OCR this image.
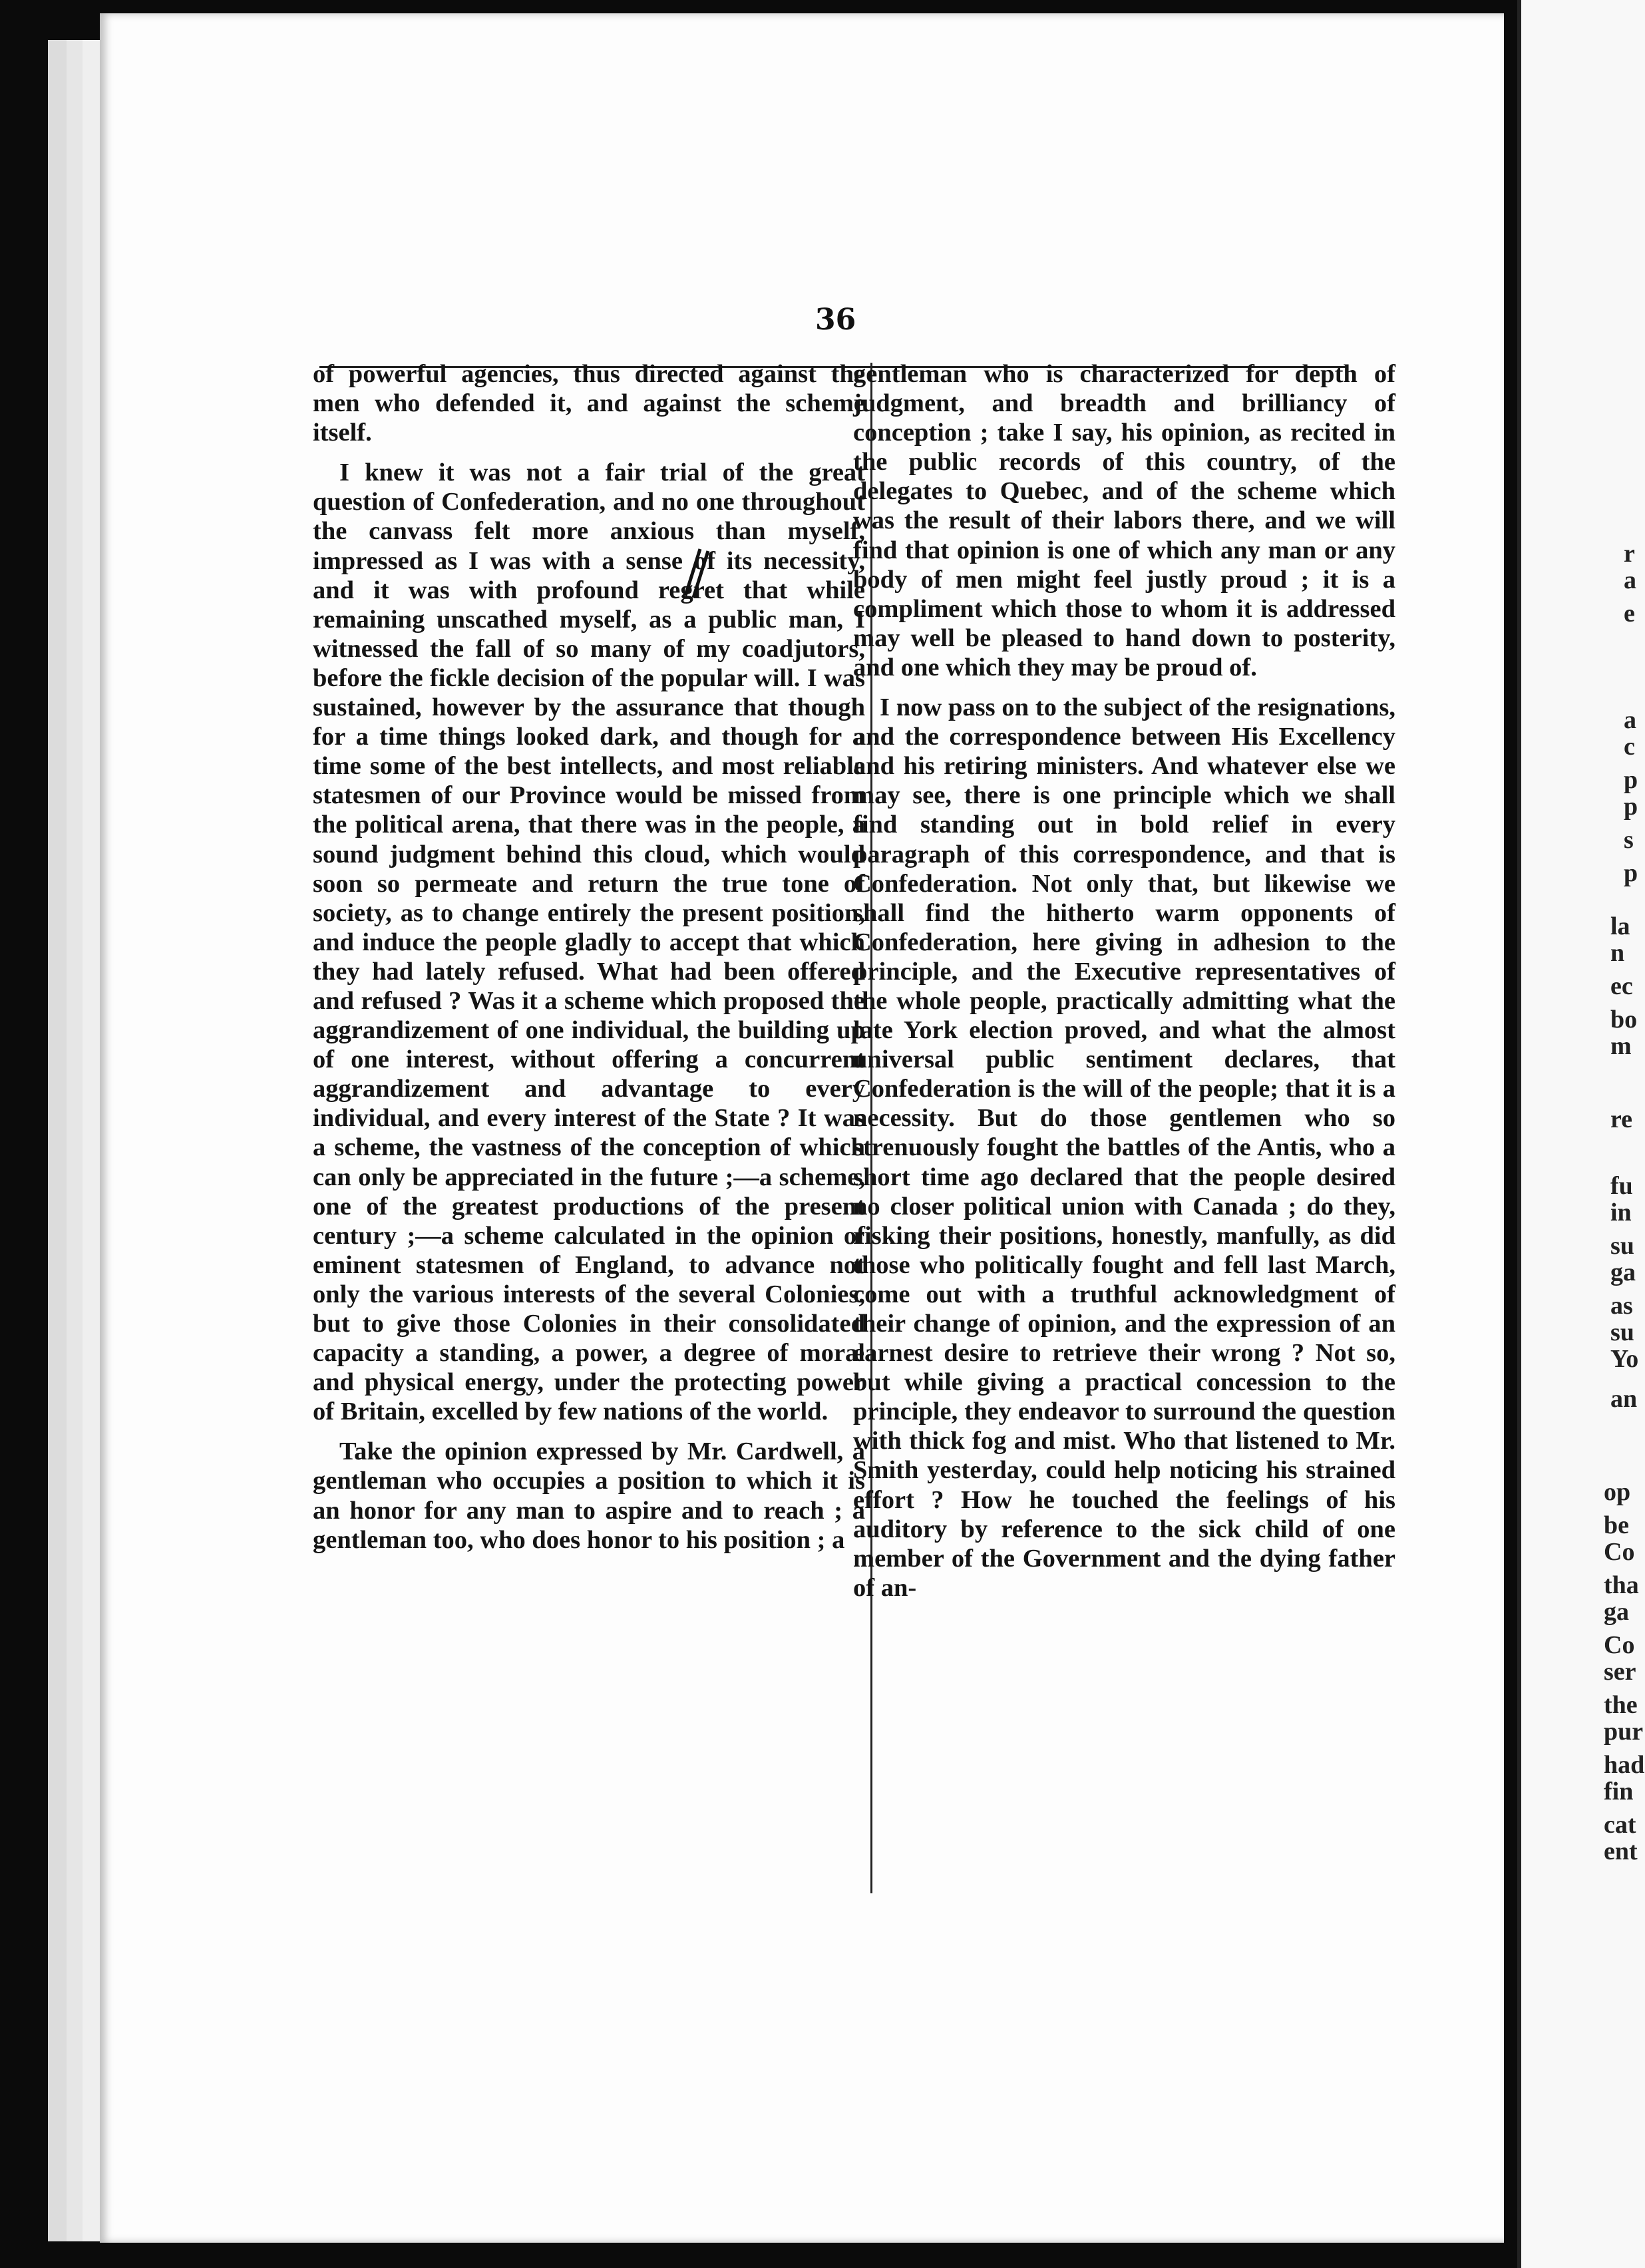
36

of powerful agencies, thus directed against the men who defended it, and against the scheme itself.

I knew it was not a fair trial of the great question of Confederation, and no one throughout the canvass felt more anxious than myself, impressed as I was with a sense of its necessity, and it was with profound regret that while remaining unscathed myself, as a public man, I witnessed the fall of so many of my coadjutors, before the fickle decision of the popular will. I was sustained, however by the assurance that though for a time things looked dark, and though for a time some of the best intellects, and most reliable statesmen of our Province would be missed from the political arena, that there was in the people, a sound judgment behind this cloud, which would soon so permeate and return the true tone of society, as to change entirely the present position, and induce the people gladly to accept that which they had lately refused. What had been offered and refused ? Was it a scheme which proposed the aggrandizement of one individual, the building up of one interest, without offering a concurrent aggrandizement and advantage to every individual, and every interest of the State ? It was a scheme, the vastness of the conception of which can only be appreciated in the future ;—a scheme, one of the greatest productions of the present century ;—a scheme calculated in the opinion of eminent statesmen of England, to advance not only the various interests of the several Colonies, but to give those Colonies in their consolidated capacity a standing, a power, a degree of moral and physical energy, under the protecting power of Britain, excelled by few nations of the world.

Take the opinion expressed by Mr. Cardwell, a gentleman who occupies a position to which it is an honor for any man to aspire and to reach ; a gentleman too, who does honor to his position ; a

gentleman who is characterized for depth of judgment, and breadth and brilliancy of conception ; take I say, his opinion, as recited in the public records of this country, of the delegates to Quebec, and of the scheme which was the result of their labors there, and we will find that opinion is one of which any man or any body of men might feel justly proud ; it is a compliment which those to whom it is addressed may well be pleased to hand down to posterity, and one which they may be proud of.

I now pass on to the subject of the resignations, and the correspondence between His Excellency and his retiring ministers. And whatever else we may see, there is one principle which we shall find standing out in bold relief in every paragraph of this correspondence, and that is Confederation. Not only that, but likewise we shall find the hitherto warm opponents of Confederation, here giving in adhesion to the principle, and the Executive representatives of the whole people, practically admitting what the late York election proved, and what the almost universal public sentiment declares, that Confederation is the will of the people; that it is a necessity. But do those gentlemen who so strenuously fought the battles of the Antis, who a short time ago declared that the people desired no closer political union with Canada ; do they, risking their positions, honestly, manfully, as did those who politically fought and fell last March, come out with a truthful acknowledgment of their change of opinion, and the expression of an earnest desire to retrieve their wrong ? Not so, but while giving a practical concession to the principle, they endeavor to surround the question with thick fog and mist. Who that listened to Mr. Smith yesterday, could help noticing his strained effort ? How he touched the feelings of his auditory by reference to the sick child of one member of the Government and the dying father of an-

r
a
e
a
c
p
p
s
p
la
n
ec
bo
m
re
fu
in
su
ga
as
su
Yo
an
op
be
Co
tha
ga
Co
ser
the
pur
had
fin
cat
ent
